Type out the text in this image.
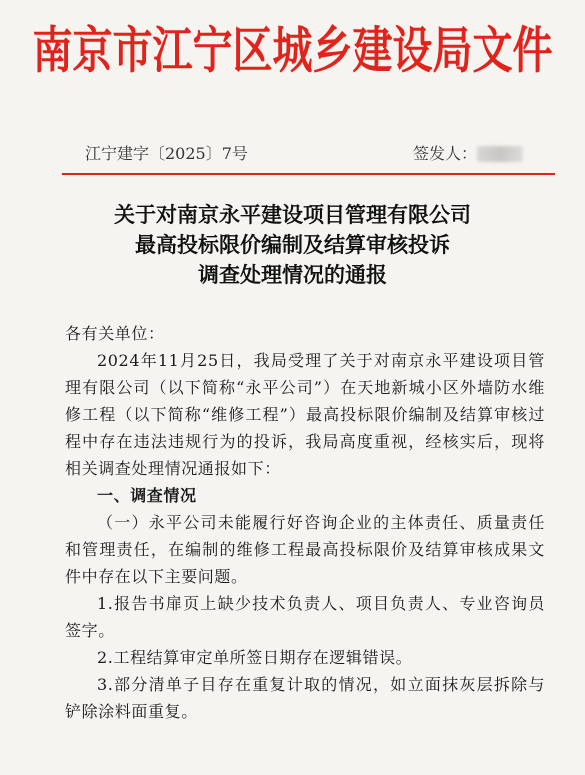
南京市江宁区城乡建设局文件
江宁建字〔2025〕7号	签发人：
关于对南京永平建设项目管理有限公司
最高投标限价编制及结算审核投诉
调查处理情况的通报

各有关单位：

2024年11月25日，我局受理了关于对南京永平建设项目管理有限公司（以下简称“永平公司”）在天地新城小区外墙防水维修工程（以下简称“维修工程”）最高投标限价编制及结算审核过程中存在违法违规行为的投诉，我局高度重视，经核实后，现将相关调查处理情况通报如下：

一、调查情况

（一）永平公司未能履行好咨询企业的主体责任、质量责任和管理责任，在编制的维修工程最高投标限价及结算审核成果文件中存在以下主要问题。

1.报告书扉页上缺少技术负责人、项目负责人、专业咨询员签字。

2.工程结算审定单所签日期存在逻辑错误。

3.部分清单子目存在重复计取的情况，如立面抹灰层拆除与铲除涂料面重复。
